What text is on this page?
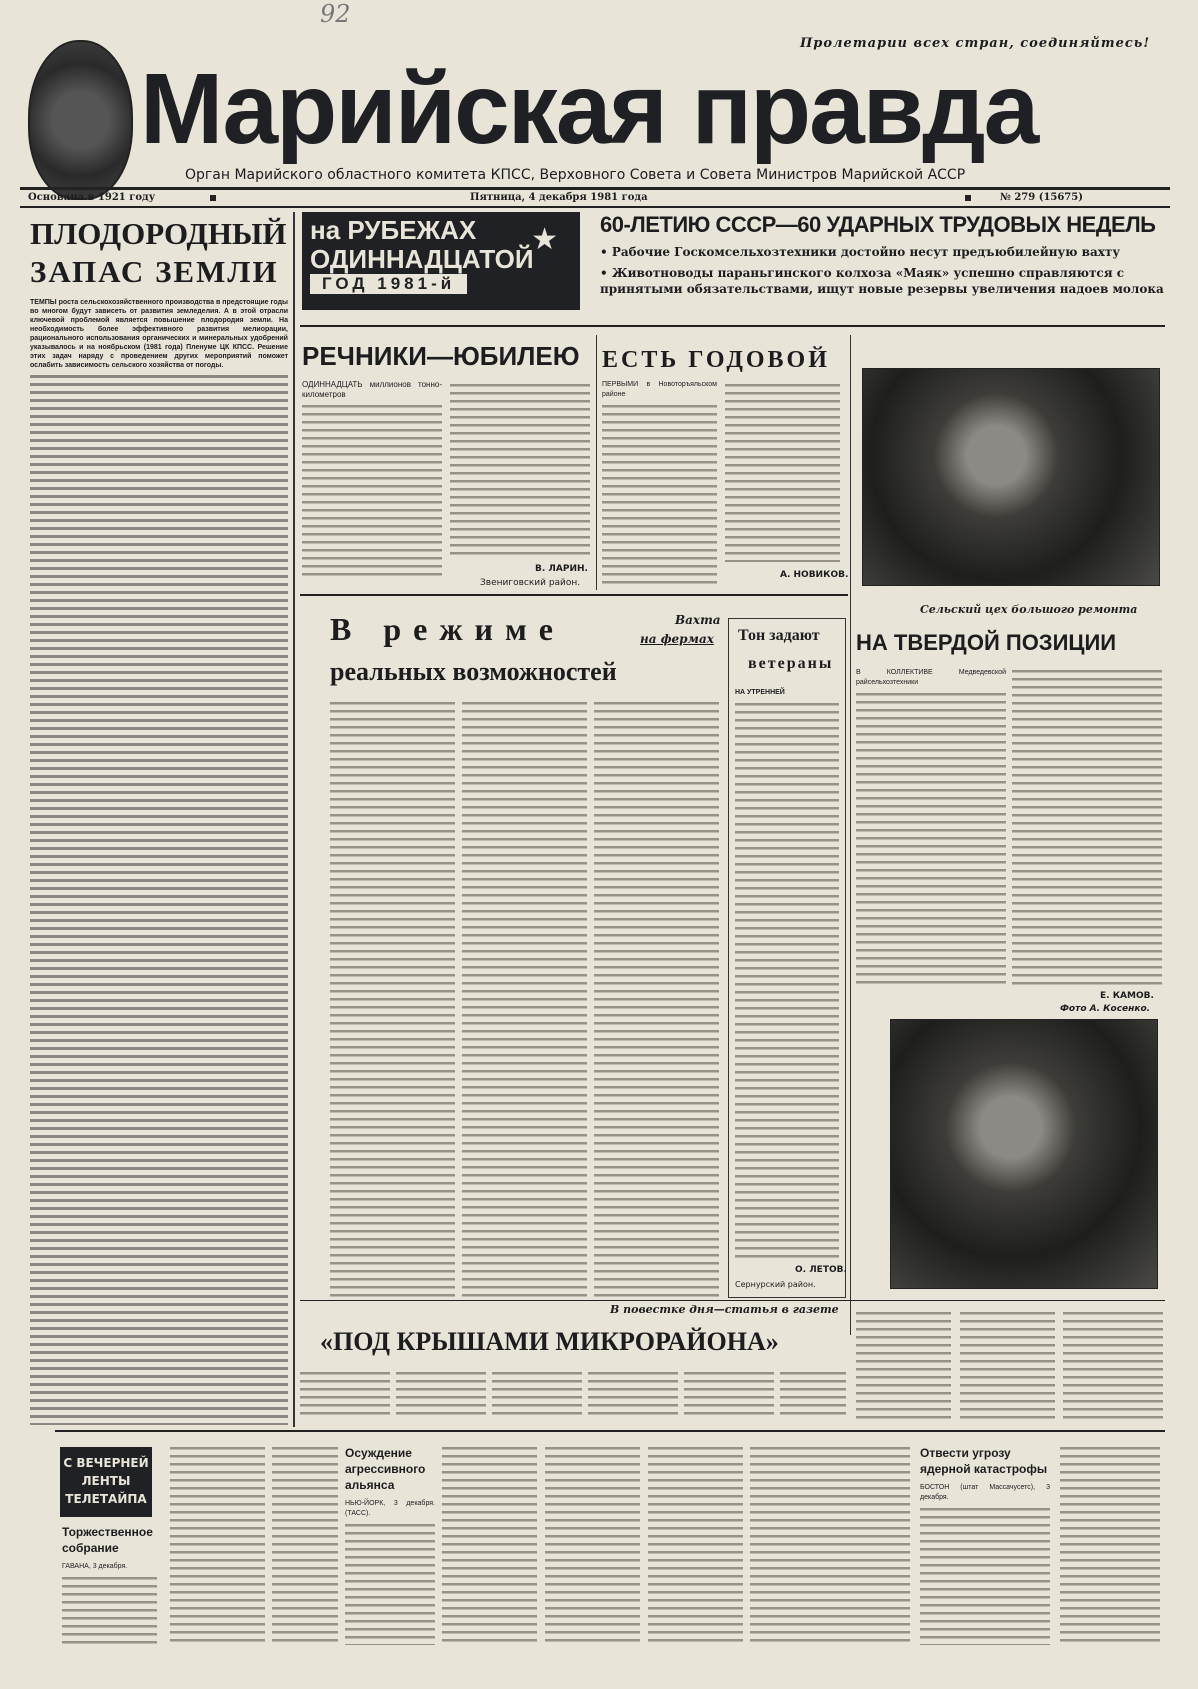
92
Пролетарии всех стран, соединяйтесь!
Марийская правда
Орган Марийского областного комитета КПСС, Верховного Совета и Совета Министров Марийской АССР
Основана в 1921 году	Пятница, 4 декабря 1981 года	№ 279 (15675)
ПЛОДОРОДНЫЙ
ЗАПАС ЗЕМЛИ
ТЕМПЫ роста сельскохозяйственного производства в предстоящие годы во многом будут зависеть от развития земледелия. А в этой отрасли ключевой проблемой является повышение плодородия земли. На необходимость более эффективного развития мелиорации, рационального использования органических и минеральных удобрений указывалось и на ноябрьском (1981 года) Пленуме ЦК КПСС. Решение этих задач наряду с проведением других мероприятий поможет ослабить зависимость сельского хозяйства от погоды.
на РУБЕЖАХ
ОДИННАДЦАТОЙ
ГОД 1981-й
★ 60-ЛЕТИЮ СССР—60 УДАРНЫХ ТРУДОВЫХ НЕДЕЛЬ
• Рабочие Госкомсельхозтехники достойно несут предъюбилейную вахту
• Животноводы параньгинского колхоза «Маяк» успешно справляются с принятыми обязательствами, ищут новые резервы увеличения надоев молока
РЕЧНИКИ—ЮБИЛЕЮ
ОДИННАДЦАТЬ миллионов тонно-километров
В. ЛАРИН.
Звениговский район.
ЕСТЬ ГОДОВОЙ
ПЕРВЫМИ в Новоторъяльском районе
А. НОВИКОВ.
Сельский цех большого ремонта
В режиме
реальных возможностей
Вахта
на фермах Тон задают
ветераны
НА УТРЕННЕЙ
О. ЛЕТОВ.
Сернурский район.
НА ТВЕРДОЙ ПОЗИЦИИ
В КОЛЛЕКТИВЕ Медведевской райсельхозтехники
Е. КАМОВ.
Фото А. Косенко.
В повестке дня—статья в газете
«ПОД КРЫШАМИ МИКРОРАЙОНА»
С ВЕЧЕРНЕЙ ЛЕНТЫ ТЕЛЕТАЙПА
Торжественное собрание
ГАВАНА, 3 декабря.
Осуждение агрессивного альянса
НЬЮ-ЙОРК, 3 декабря. (ТАСС).
Отвести угрозу ядерной катастрофы
БОСТОН (штат Массачусетс), 3 декабря.
